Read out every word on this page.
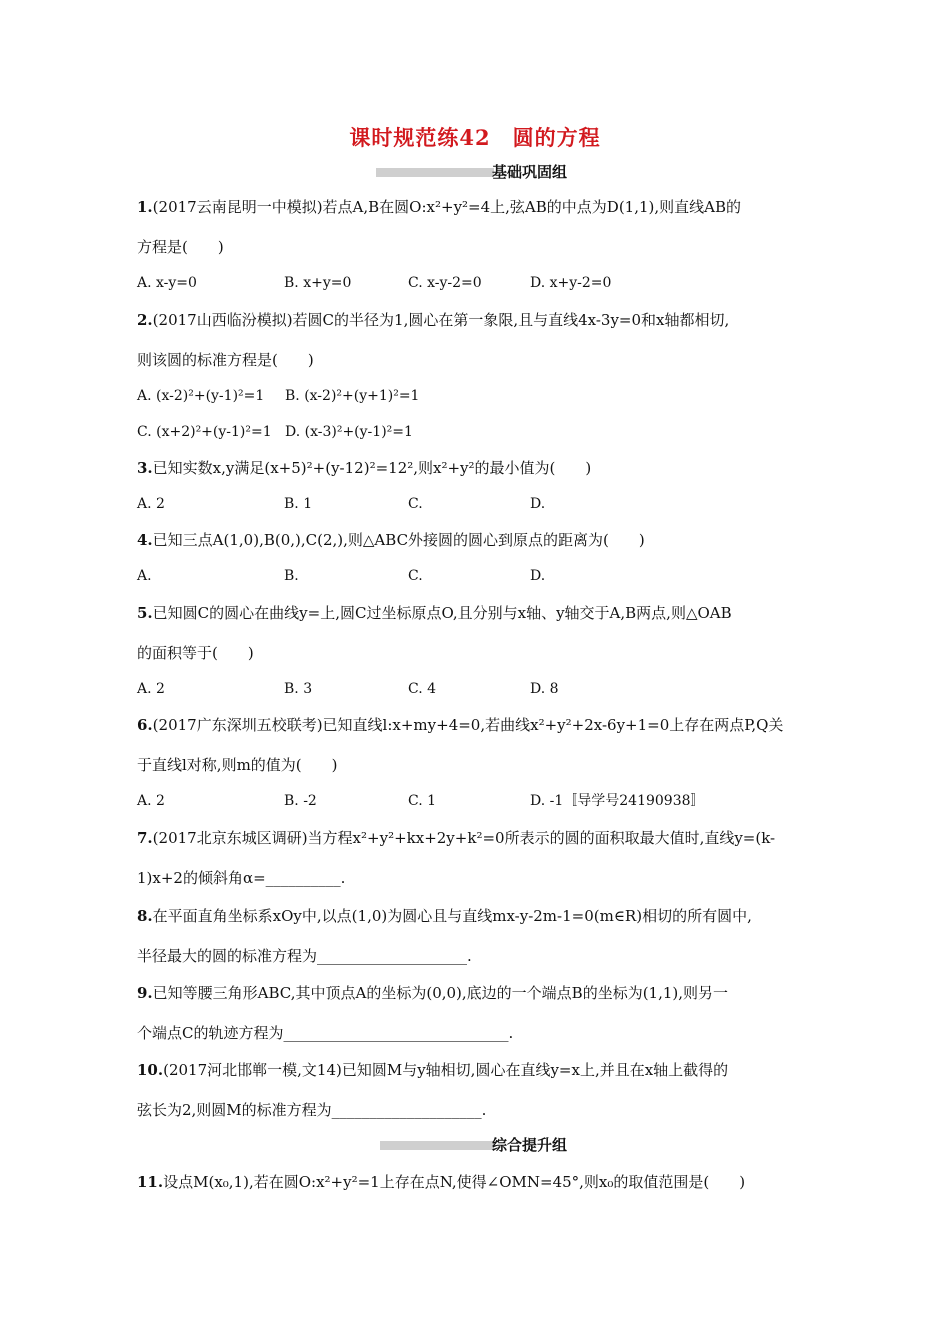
课时规范练42　圆的方程
基础巩固组
1.(2017云南昆明一中模拟)若点A,B在圆O:x²+y²=4上,弦AB的中点为D(1,1),则直线AB的
方程是(　　)
A. x-y=0	B. x+y=0	C. x-y-2=0	D. x+y-2=0
2.(2017山西临汾模拟)若圆C的半径为1,圆心在第一象限,且与直线4x-3y=0和x轴都相切,
则该圆的标准方程是(　　)
A. (x-2)²+(y-1)²=1 B. (x-2)²+(y+1)²=1
C. (x+2)²+(y-1)²=1 D. (x-3)²+(y-1)²=1
3.已知实数x,y满足(x+5)²+(y-12)²=12²,则x²+y²的最小值为(　　)
A. 2	B. 1	C.	D.
4.已知三点A(1,0),B(0,),C(2,),则△ABC外接圆的圆心到原点的距离为(　　)
A.	B.	C.	D.
5.已知圆C的圆心在曲线y=上,圆C过坐标原点O,且分别与x轴、y轴交于A,B两点,则△OAB
的面积等于(　　)
A. 2	B. 3	C. 4	D. 8
6.(2017广东深圳五校联考)已知直线l:x+my+4=0,若曲线x²+y²+2x-6y+1=0上存在两点P,Q关
于直线l对称,则m的值为(　　)
A. 2	B. -2	C. 1	D. -1〚导学号24190938〛
7.(2017北京东城区调研)当方程x²+y²+kx+2y+k²=0所表示的圆的面积取最大值时,直线y=(k-
1)x+2的倾斜角α=__________.
8.在平面直角坐标系xOy中,以点(1,0)为圆心且与直线mx-y-2m-1=0(m∈R)相切的所有圆中,
半径最大的圆的标准方程为____________________.
9.已知等腰三角形ABC,其中顶点A的坐标为(0,0),底边的一个端点B的坐标为(1,1),则另一
个端点C的轨迹方程为______________________________.
10.(2017河北邯郸一模,文14)已知圆M与y轴相切,圆心在直线y=x上,并且在x轴上截得的
弦长为2,则圆M的标准方程为____________________.
综合提升组
11.设点M(x₀,1),若在圆O:x²+y²=1上存在点N,使得∠OMN=45°,则x₀的取值范围是(　　)
